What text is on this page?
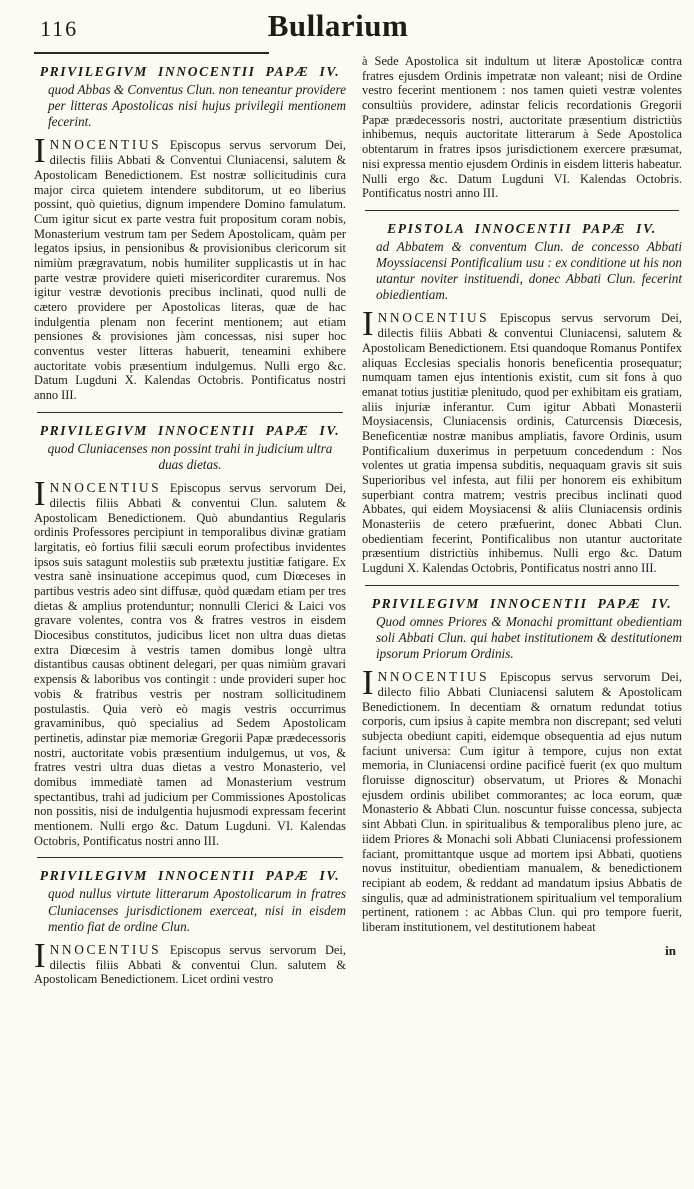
116	Bullarium
PRIVILEGIVM INNOCENTII PAPÆ IV.

quod Abbas & Conventus Clun. non teneantur providere per litteras Apostolicas nisi hujus privilegii mentionem fecerint.

INNOCENTIUS Episcopus servus servorum Dei, dilectis filiis Abbati & Conventui Cluniacensi, salutem & Apostolicam Benedictionem. Est nostræ sollicitudinis cura major circa quietem intendere subditorum, ut eo liberius possint, quò quietius, dignum impendere Domino famulatum. Cum igitur sicut ex parte vestra fuit propositum coram nobis, Monasterium vestrum tam per Sedem Apostolicam, quàm per legatos ipsius, in pensionibus & provisionibus clericorum sit nimiùm prægravatum, nobis humiliter supplicastis ut in hac parte vestræ providere quieti misericorditer curaremus. Nos igitur vestræ devotionis precibus inclinati, quod nulli de cætero providere per Apostolicas literas, quæ de hac indulgentia plenam non fecerint mentionem; aut etiam pensiones & provisiones jàm concessas, nisi super hoc conventus vester litteras habuerit, teneamini exhibere auctoritate vobis præsentium indulgemus. Nulli ergo &c. Datum Lugduni X. Kalendas Octobris. Pontificatus nostri anno III.

PRIVILEGIVM INNOCENTII PAPÆ IV.

quod Cluniacenses non possint trahi in judicium ultra duas dietas.

INNOCENTIUS Episcopus servus servorum Dei, dilectis filiis Abbati & conventui Clun. salutem & Apostolicam Benedictionem. Quò abundantius Regularis ordinis Professores percipiunt in temporalibus divinæ gratiam largitatis, eò fortius filii sæculi eorum profectibus invidentes ipsos suis satagunt molestiis sub prætextu justitiæ fatigare. Ex vestra sanè insinuatione accepimus quod, cum Diœceses in partibus vestris adeo sint diffusæ, quòd quædam etiam per tres dietas & amplius protenduntur; nonnulli Clerici & Laici vos gravare volentes, contra vos & fratres vestros in eisdem Diocesibus constitutos, judicibus licet non ultra duas dietas extra Diœcesim à vestris tamen domibus longè ultra distantibus causas obtinent delegari, per quas nimiùm gravari expensis & laboribus vos contingit : unde provideri super hoc vobis & fratribus vestris per nostram sollicitudinem postulastis. Quia verò eò magis vestris occurrimus gravaminibus, quò specialius ad Sedem Apostolicam pertinetis, adinstar piæ memoriæ Gregorii Papæ prædecessoris nostri, auctoritate vobis præsentium indulgemus, ut vos, & fratres vestri ultra duas dietas a vestro Monasterio, vel domibus immediatè tamen ad Monasterium vestrum spectantibus, trahi ad judicium per Commissiones Apostolicas non possitis, nisi de indulgentia hujusmodi expressam fecerint mentionem. Nulli ergo &c. Datum Lugduni. VI. Kalendas Octobris, Pontificatus nostri anno III.

PRIVILEGIVM INNOCENTII PAPÆ IV.

quod nullus virtute litterarum Apostolicarum in fratres Cluniacenses jurisdictionem exerceat, nisi in eisdem mentio fiat de ordine Clun.

INNOCENTIUS Episcopus servus servorum Dei, dilectis filiis Abbati & conventui Clun. salutem & Apostolicam Benedictionem. Licet ordini vestro

à Sede Apostolica sit indultum ut literæ Apostolicæ contra fratres ejusdem Ordinis impetratæ non valeant; nisi de Ordine vestro fecerint mentionem : nos tamen quieti vestræ volentes consultiùs providere, adinstar felicis recordationis Gregorii Papæ prædecessoris nostri, auctoritate præsentium districtiùs inhibemus, nequis auctoritate litterarum à Sede Apostolica obtentarum in fratres ipsos jurisdictionem exercere præsumat, nisi expressa mentio ejusdem Ordinis in eisdem litteris habeatur. Nulli ergo &c. Datum Lugduni VI. Kalendas Octobris. Pontificatus nostri anno III.

EPISTOLA INNOCENTII PAPÆ IV.

ad Abbatem & conventum Clun. de concesso Abbati Moyssiacensi Pontificalium usu : ex conditione ut his non utantur noviter instituendi, donec Abbati Clun. fecerint obiedientiam.

INNOCENTIUS Episcopus servus servorum Dei, dilectis filiis Abbati & conventui Cluniacensi, salutem & Apostolicam Benedictionem. Etsi quandoque Romanus Pontifex aliquas Ecclesias specialis honoris beneficentia prosequatur; numquam tamen ejus intentionis existit, cum sit fons à quo emanat totius justitiæ plenitudo, quod per exhibitam eis gratiam, aliis injuriæ inferantur. Cum igitur Abbati Monasterii Moysiacensis, Cluniacensis ordinis, Caturcensis Diœcesis, Beneficentiæ nostræ manibus ampliatis, favore Ordinis, usum Pontificalium duxerimus in perpetuum concedendum : Nos volentes ut gratia impensa subditis, nequaquam gravis sit suis Superioribus vel infesta, aut filii per honorem eis exhibitum superbiant contra matrem; vestris precibus inclinati quod Abbates, qui eidem Moysiacensi & aliis Cluniacensis ordinis Monasteriis de cetero præfuerint, donec Abbati Clun. obedientiam fecerint, Pontificalibus non utantur auctoritate præsentium districtiùs inhibemus. Nulli ergo &c. Datum Lugduni X. Kalendas Octobris, Pontificatus nostri anno III.

PRIVILEGIVM INNOCENTII PAPÆ IV.

Quod omnes Priores & Monachi promittant obedientiam soli Abbati Clun. qui habet institutionem & destitutionem ipsorum Priorum Ordinis.

INNOCENTIUS Episcopus servus servorum Dei, dilecto filio Abbati Cluniacensi salutem & Apostolicam Benedictionem. In decentiam & ornatum redundat totius corporis, cum ipsius à capite membra non discrepant; sed veluti subjecta obediunt capiti, eidemque obsequentia ad ejus nutum faciunt universa: Cum igitur à tempore, cujus non extat memoria, in Cluniacensi ordine pacificè fuerit (ex quo multum floruisse dignoscitur) observatum, ut Priores & Monachi ejusdem ordinis ubilibet commorantes; ac loca eorum, quæ Monasterio & Abbati Clun. noscuntur fuisse concessa, subjecta sint Abbati Clun. in spiritualibus & temporalibus pleno jure, ac iidem Priores & Monachi soli Abbati Cluniacensi professionem faciant, promittantque usque ad mortem ipsi Abbati, quotiens novus instituitur, obedientiam manualem, & benedictionem recipiant ab eodem, & reddant ad mandatum ipsius Abbatis de singulis, quæ ad administrationem spiritualium vel temporalium pertinent, rationem : ac Abbas Clun. qui pro tempore fuerit, liberam institutionem, vel destitutionem habeat

in
